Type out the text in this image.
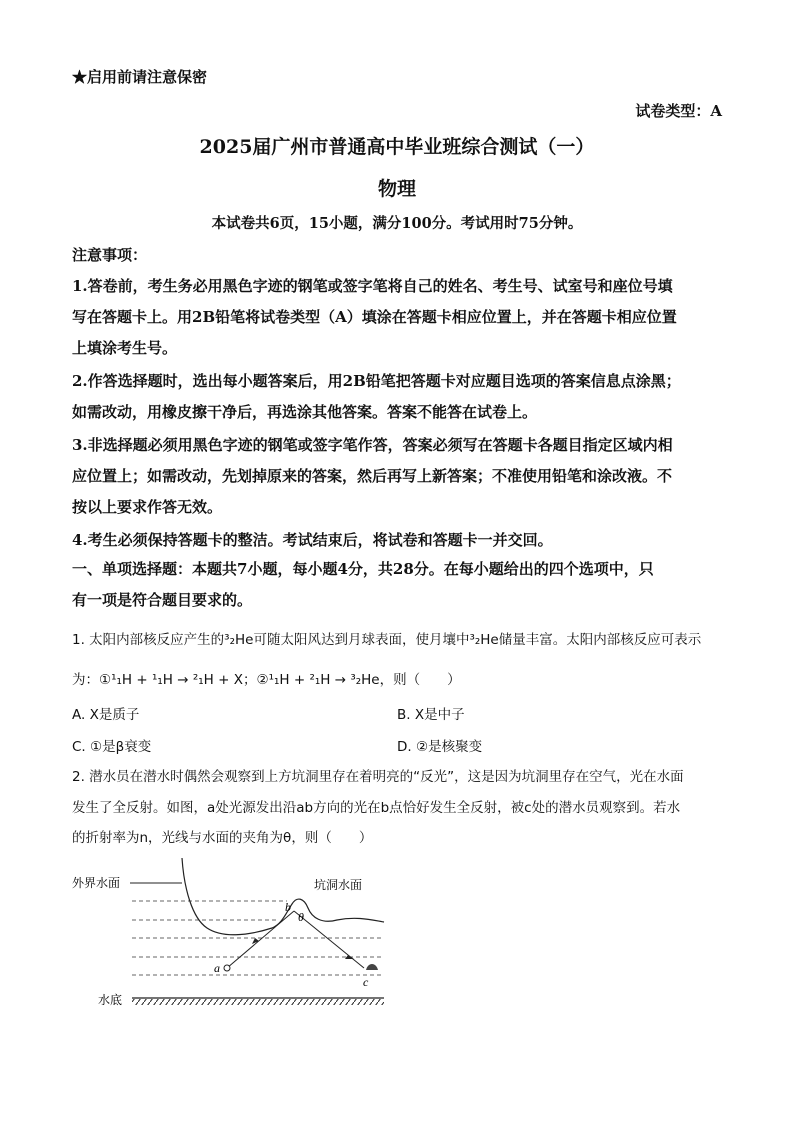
★启用前请注意保密
试卷类型：A
2025届广州市普通高中毕业班综合测试（一）
物理
本试卷共6页，15小题，满分100分。考试用时75分钟。
注意事项：
1.答卷前，考生务必用黑色字迹的钢笔或签字笔将自己的姓名、考生号、试室号和座位号填
写在答题卡上。用2B铅笔将试卷类型（A）填涂在答题卡相应位置上，并在答题卡相应位置
上填涂考生号。
2.作答选择题时，选出每小题答案后，用2B铅笔把答题卡对应题目选项的答案信息点涂黑；
如需改动，用橡皮擦干净后，再选涂其他答案。答案不能答在试卷上。
3.非选择题必须用黑色字迹的钢笔或签字笔作答，答案必须写在答题卡各题目指定区域内相
应位置上；如需改动，先划掉原来的答案，然后再写上新答案；不准使用铅笔和涂改液。不
按以上要求作答无效。
4.考生必须保持答题卡的整洁。考试结束后，将试卷和答题卡一并交回。
一、单项选择题：本题共7小题，每小题4分，共28分。在每小题给出的四个选项中，只
有一项是符合题目要求的。
1. 太阳内部核反应产生的³₂He可随太阳风达到月球表面，使月壤中³₂He储量丰富。太阳内部核反应可表示
为：①¹₁H + ¹₁H → ²₁H + X；②¹₁H + ²₁H → ³₂He，则（　　）
A. X是质子	B. X是中子
C. ①是β衰变	D. ②是核聚变
2. 潜水员在潜水时偶然会观察到上方坑洞里存在着明亮的“反光”，这是因为坑洞里存在空气，光在水面
发生了全反射。如图，a处光源发出沿ab方向的光在b点恰好发生全反射，被c处的潜水员观察到。若水
的折射率为n，光线与水面的夹角为θ，则（　　）
外界水面	坑洞水面
水底
a
b
c
θ
